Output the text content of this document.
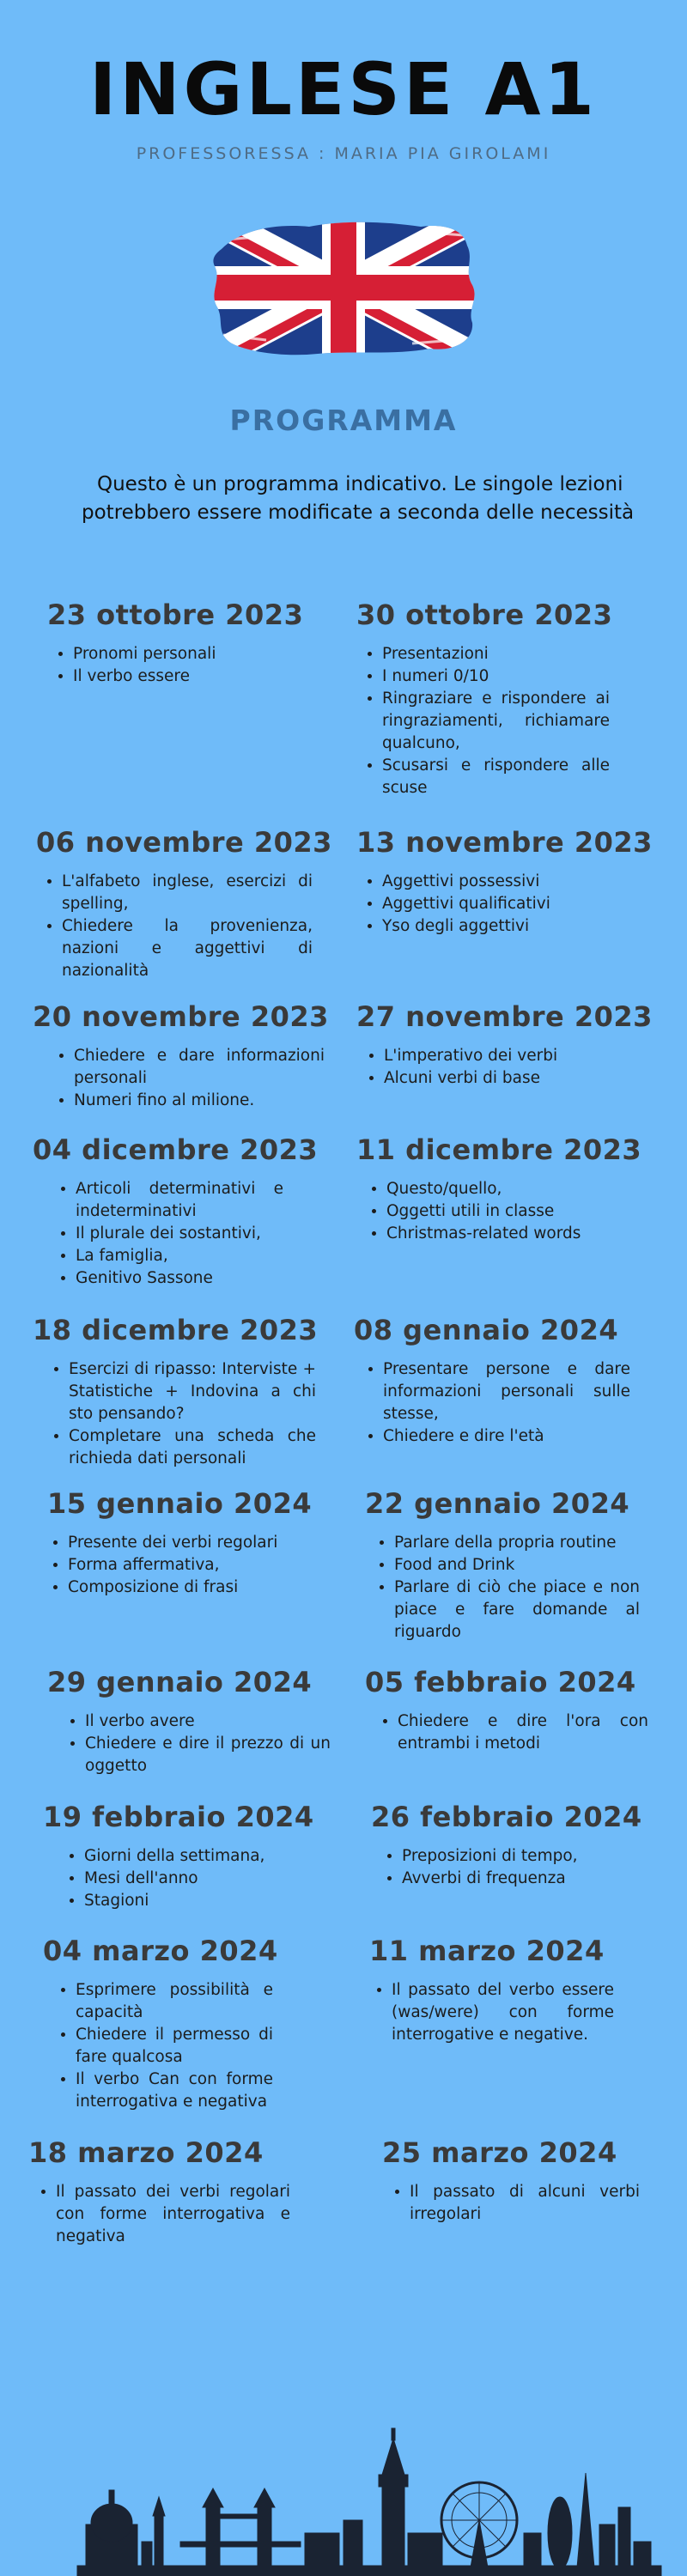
INGLESE A1
PROFESSORESSA : MARIA PIA GIROLAMI
PROGRAMMA

Questo è un programma indicativo. Le singole lezioni

potrebbero essere modificate a seconda delle necessità

23 ottobre 2023
• Pronomi personali
• Il verbo essere
30 ottobre 2023
• Presentazioni
• I numeri 0/10
• Ringraziare e rispondere ai ringraziamenti, richiamare qualcuno,
• Scusarsi e rispondere alle scuse
06 novembre 2023
• L'alfabeto inglese, esercizi di spelling,
• Chiedere la provenienza, nazioni e aggettivi di nazionalità
13 novembre 2023
• Aggettivi possessivi
• Aggettivi qualificativi
• Yso degli aggettivi
20 novembre 2023
• Chiedere e dare informazioni personali
• Numeri fino al milione.
27 novembre 2023
• L'imperativo dei verbi
• Alcuni verbi di base
04 dicembre 2023
• Articoli determinativi e indeterminativi
• Il plurale dei sostantivi,
• La famiglia,
• Genitivo Sassone
11 dicembre 2023
• Questo/quello,
• Oggetti utili in classe
• Christmas-related words
18 dicembre 2023
• Esercizi di ripasso: Interviste + Statistiche + Indovina a chi sto pensando?
• Completare una scheda che richieda dati personali
08 gennaio 2024
• Presentare persone e dare informazioni personali sulle stesse,
• Chiedere e dire l'età
15 gennaio 2024
• Presente dei verbi regolari
• Forma affermativa,
• Composizione di frasi
22 gennaio 2024
• Parlare della propria routine
• Food and Drink
• Parlare di ciò che piace e non piace e fare domande al riguardo
29 gennaio 2024
• Il verbo avere
• Chiedere e dire il prezzo di un oggetto
05 febbraio 2024
• Chiedere e dire l'ora con entrambi i metodi
19 febbraio 2024
• Giorni della settimana,
• Mesi dell'anno
• Stagioni
26 febbraio 2024
• Preposizioni di tempo,
• Avverbi di frequenza
04 marzo 2024
• Esprimere possibilità e capacità
• Chiedere il permesso di fare qualcosa
• Il verbo Can con forme interrogativa e negativa
11 marzo 2024
• Il passato del verbo essere (was/were) con forme interrogative e negative.
18 marzo 2024
• Il passato dei verbi regolari con forme interrogativa e negativa
25 marzo 2024
• Il passato di alcuni verbi irregolari
